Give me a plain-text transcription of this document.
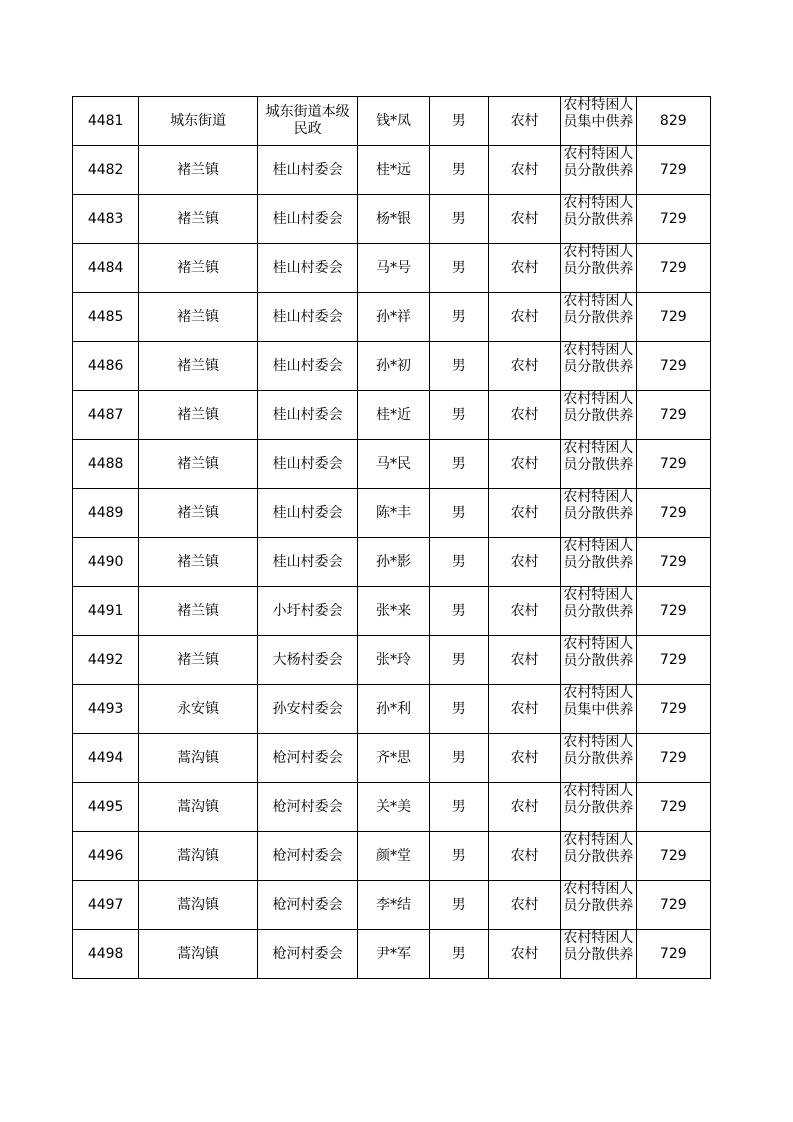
4481	城东街道	城东街道本级民政	钱*凤	男	农村	农村特困人员集中供养	829
4482	褚兰镇	桂山村委会	桂*远	男	农村	农村特困人员分散供养	729
4483	褚兰镇	桂山村委会	杨*银	男	农村	农村特困人员分散供养	729
4484	褚兰镇	桂山村委会	马*号	男	农村	农村特困人员分散供养	729
4485	褚兰镇	桂山村委会	孙*祥	男	农村	农村特困人员分散供养	729
4486	褚兰镇	桂山村委会	孙*初	男	农村	农村特困人员分散供养	729
4487	褚兰镇	桂山村委会	桂*近	男	农村	农村特困人员分散供养	729
4488	褚兰镇	桂山村委会	马*民	男	农村	农村特困人员分散供养	729
4489	褚兰镇	桂山村委会	陈*丰	男	农村	农村特困人员分散供养	729
4490	褚兰镇	桂山村委会	孙*影	男	农村	农村特困人员分散供养	729
4491	褚兰镇	小圩村委会	张*来	男	农村	农村特困人员分散供养	729
4492	褚兰镇	大杨村委会	张*玲	男	农村	农村特困人员分散供养	729
4493	永安镇	孙安村委会	孙*利	男	农村	农村特困人员集中供养	729
4494	蒿沟镇	枪河村委会	齐*思	男	农村	农村特困人员分散供养	729
4495	蒿沟镇	枪河村委会	关*美	男	农村	农村特困人员分散供养	729
4496	蒿沟镇	枪河村委会	颜*堂	男	农村	农村特困人员分散供养	729
4497	蒿沟镇	枪河村委会	李*结	男	农村	农村特困人员分散供养	729
4498	蒿沟镇	枪河村委会	尹*军	男	农村	农村特困人员分散供养	729
